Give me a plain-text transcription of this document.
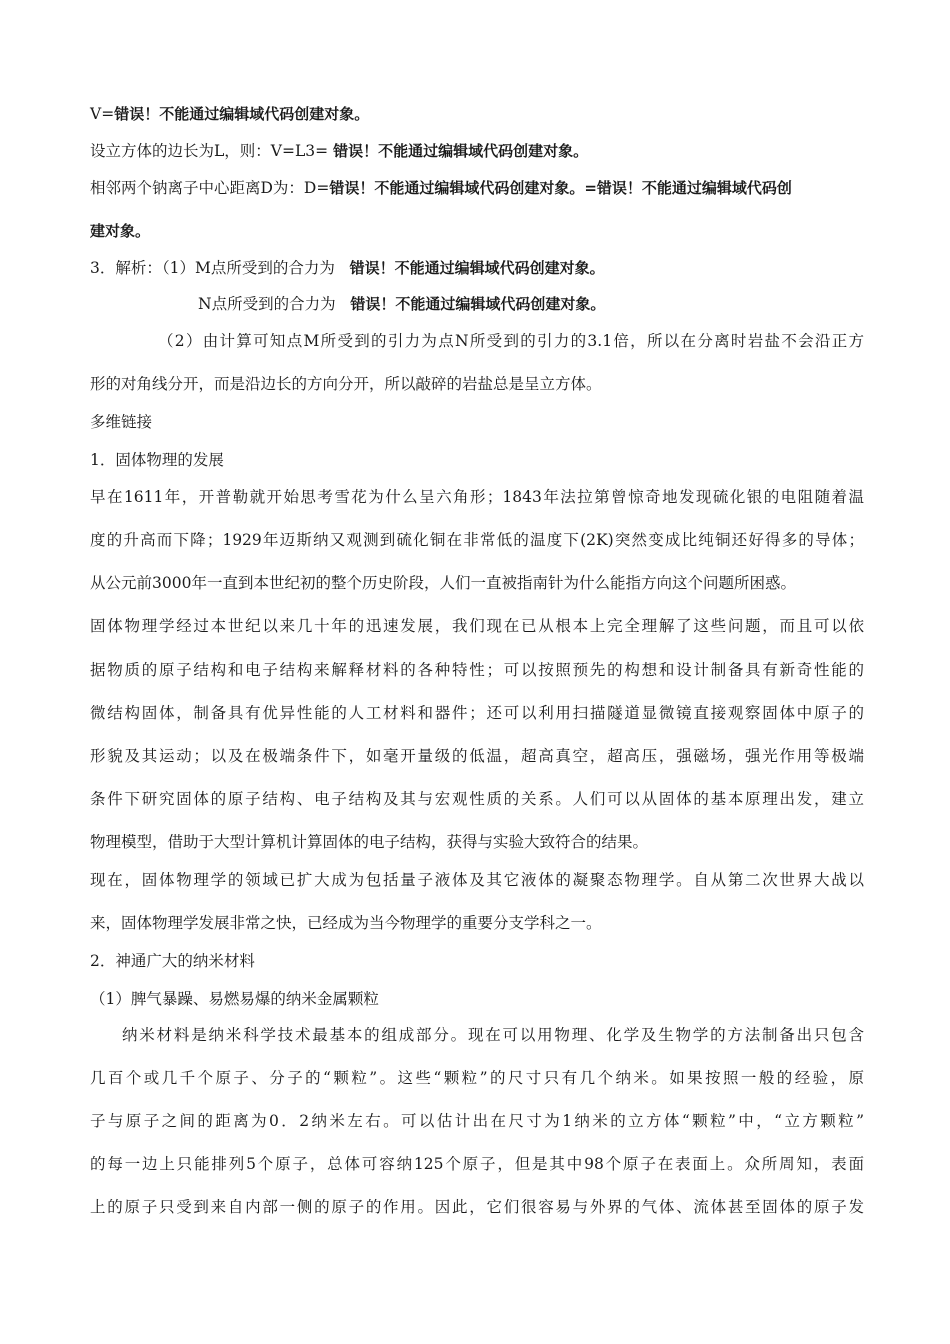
V=错误！不能通过编辑域代码创建对象。
设立方体的边长为L，则：V=L3= 错误！不能通过编辑域代码创建对象。
相邻两个钠离子中心距离D为：D=错误！不能通过编辑域代码创建对象。=错误！不能通过编辑域代码创
建对象。
3．解析：（1）M点所受到的合力为 错误！不能通过编辑域代码创建对象。
N点所受到的合力为 错误！不能通过编辑域代码创建对象。
（2）由计算可知点M所受到的引力为点N所受到的引力的3.1倍，所以在分离时岩盐不会沿正方
形的对角线分开，而是沿边长的方向分开，所以敲碎的岩盐总是呈立方体。
多维链接
1．固体物理的发展
早在1611年，开普勒就开始思考雪花为什么呈六角形；1843年法拉第曾惊奇地发现硫化银的电阻随着温
度的升高而下降；1929年迈斯纳又观测到硫化铜在非常低的温度下(2K)突然变成比纯铜还好得多的导体；
从公元前3000年一直到本世纪初的整个历史阶段，人们一直被指南针为什么能指方向这个问题所困惑。
固体物理学经过本世纪以来几十年的迅速发展，我们现在已从根本上完全理解了这些问题，而且可以依
据物质的原子结构和电子结构来解释材料的各种特性；可以按照预先的构想和设计制备具有新奇性能的
微结构固体，制备具有优异性能的人工材料和器件；还可以利用扫描隧道显微镜直接观察固体中原子的
形貌及其运动；以及在极端条件下，如毫开量级的低温，超高真空，超高压，强磁场，强光作用等极端
条件下研究固体的原子结构、电子结构及其与宏观性质的关系。人们可以从固体的基本原理出发，建立
物理模型，借助于大型计算机计算固体的电子结构，获得与实验大致符合的结果。
现在，固体物理学的领域已扩大成为包括量子液体及其它液体的凝聚态物理学。自从第二次世界大战以
来，固体物理学发展非常之快，已经成为当今物理学的重要分支学科之一。
2．神通广大的纳米材料
（1）脾气暴躁、易燃易爆的纳米金属颗粒
纳米材料是纳米科学技术最基本的组成部分。现在可以用物理、化学及生物学的方法制备出只包含
几百个或几千个原子、分子的“颗粒”。这些“颗粒”的尺寸只有几个纳米。如果按照一般的经验，原
子与原子之间的距离为0．2纳米左右。可以估计出在尺寸为1纳米的立方体“颗粒”中，“立方颗粒”
的每一边上只能排列5个原子，总体可容纳125个原子，但是其中98个原子在表面上。众所周知，表面
上的原子只受到来自内部一侧的原子的作用。因此，它们很容易与外界的气体、流体甚至固体的原子发
